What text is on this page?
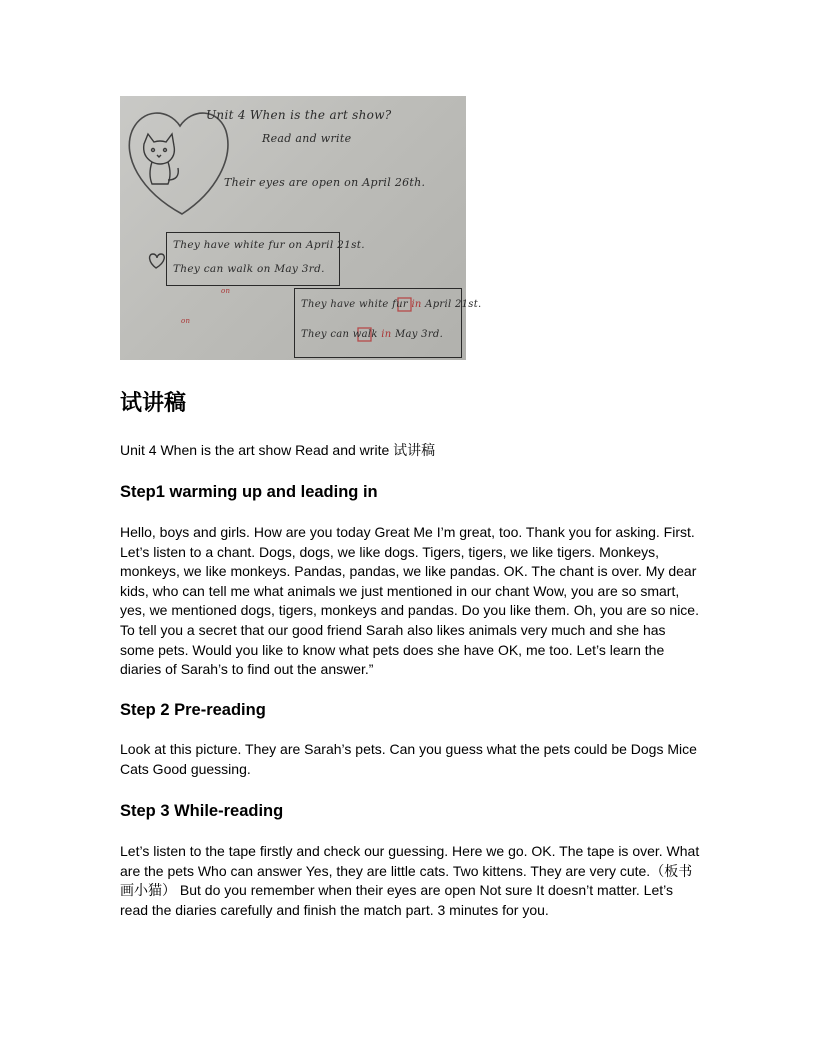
Unit 4 When is the art show?
Read and write
Their eyes are open on April 26th.
They have white fur on April 21st.
They can walk on May 3rd.
They have white fur in April 21st.
They can walk in May 3rd.
on
on
试讲稿
Unit 4 When is the art show Read and write 试讲稿
Step1 warming up and leading in

Hello, boys and girls. How are you today Great Me I’m great, too. Thank you for asking. First. Let’s listen to a chant. Dogs, dogs, we like dogs. Tigers, tigers, we like tigers. Monkeys, monkeys, we like monkeys. Pandas, pandas, we like pandas. OK. The chant is over. My dear kids, who can tell me what animals we just mentioned in our chant Wow, you are so smart, yes, we mentioned dogs, tigers, monkeys and pandas. Do you like them. Oh, you are so nice. To tell you a secret that our good friend Sarah also likes animals very much and she has some pets. Would you like to know what pets does she have OK, me too. Let’s learn the diaries of Sarah’s to find out the answer.”

Step 2 Pre-reading

Look at this picture. They are Sarah’s pets. Can you guess what the pets could be Dogs Mice Cats Good guessing.

Step 3 While-reading

Let’s listen to the tape firstly and check our guessing. Here we go. OK. The tape is over. What are the pets Who can answer Yes, they are little cats. Two kittens. They are very cute.（板书画小猫） But do you remember when their eyes are open Not sure It doesn’t matter. Let’s read the diaries carefully and finish the match part. 3 minutes for you.
